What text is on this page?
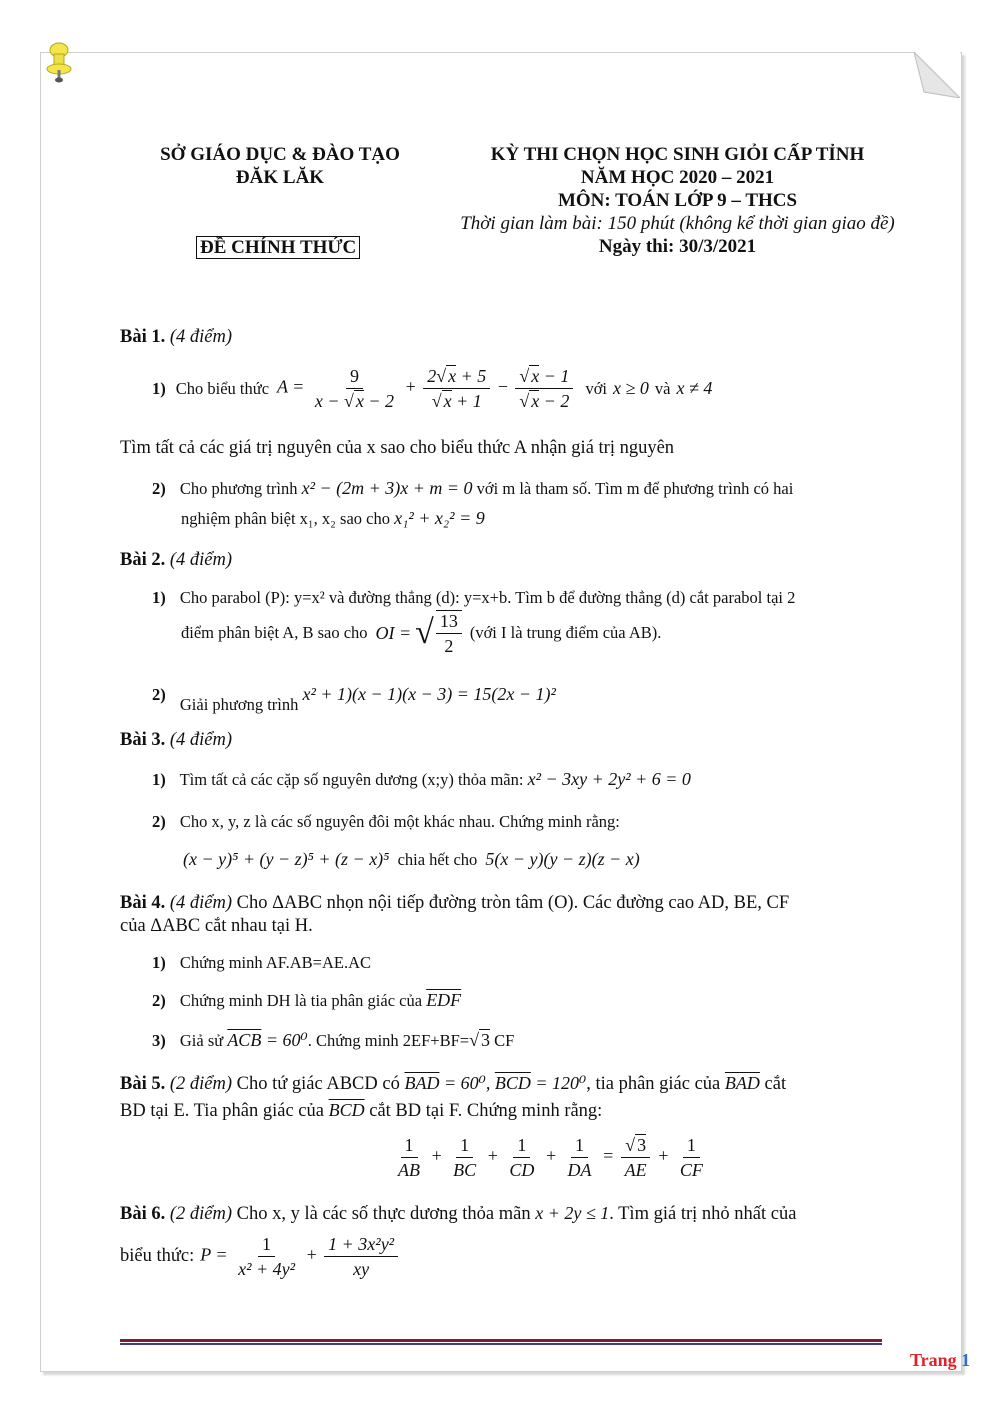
SỞ GIÁO DỤC & ĐÀO TẠO
ĐĂK LĂK
ĐỀ CHÍNH THỨC
KỲ THI CHỌN HỌC SINH GIỎI CẤP TỈNH
NĂM HỌC 2020 – 2021
MÔN: TOÁN LỚP 9 – THCS
Thời gian làm bài: 150 phút (không kể thời gian giao đề)
Ngày thi: 30/3/2021
Bài 1. (4 điểm)
1) Cho biểu thức $A = \frac{9}{x - √ x - 2} + \frac{2√ x + 5}{√ x + 1} - \frac{√ x - 1}{√ x - 2}$ với x ≥ 0 và x ≠ 4
Tìm tất cả các giá trị nguyên của x sao cho biểu thức A nhận giá trị nguyên
2) Cho phương trình x² − (2m + 3)x + m = 0 với m là tham số. Tìm m để phương trình có hai
nghiệm phân biệt x₁, x₂ sao cho x₁² + x₂² = 9
Bài 2. (4 điểm)
1) Cho parabol (P): y=x² và đường thẳng (d): y=x+b. Tìm b để đường thẳng (d) cắt parabol tại 2
điểm phân biệt A, B sao cho OI = √ $\frac{13}{2}$ (với I là trung điểm của AB).
2) Giải phương trình x² + 1)(x − 1)(x − 3) = 15(2x − 1)²
Bài 3. (4 điểm)
1) Tìm tất cả các cặp số nguyên dương (x;y) thỏa mãn: x² − 3xy + 2y² + 6 = 0
2) Cho x, y, z là các số nguyên đôi một khác nhau. Chứng minh rằng:
(x − y)⁵ + (y − z)⁵ + (z − x)⁵ chia hết cho 5(x − y)(y − z)(z − x)
Bài 4. (4 điểm) Cho ΔABC nhọn nội tiếp đường tròn tâm (O). Các đường cao AD, BE, CF
của ΔABC cắt nhau tại H.
1) Chứng minh AF.AB=AE.AC
2) Chứng minh DH là tia phân giác của $\overline{EDF}$
3) Giả sử $\overline{ACB} = 60^0$. Chứng minh 2EF+BF=√ 3 CF
Bài 5. (2 điểm) Cho tứ giác ABCD có $\overline{BAD} = 60^0$, $\overline{BCD} = 120^0$, tia phân giác của $\overline{BAD}$ cắt
BD tại E. Tia phân giác của $\overline{BCD}$ cắt BD tại F. Chứng minh rằng:
$\frac{1}{AB} + \frac{1}{BC} + \frac{1}{CD} + \frac{1}{DA} = \frac{√ 3}{AE} + \frac{1}{CF}$
Bài 6. (2 điểm) Cho x, y là các số thực dương thỏa mãn x + 2y ≤ 1. Tìm giá trị nhỏ nhất của
biểu thức: $P = \frac{1}{\text{x² + 4y²}} + \frac{\text{1 + 3x²y²}}{xy}$
Trang 1
